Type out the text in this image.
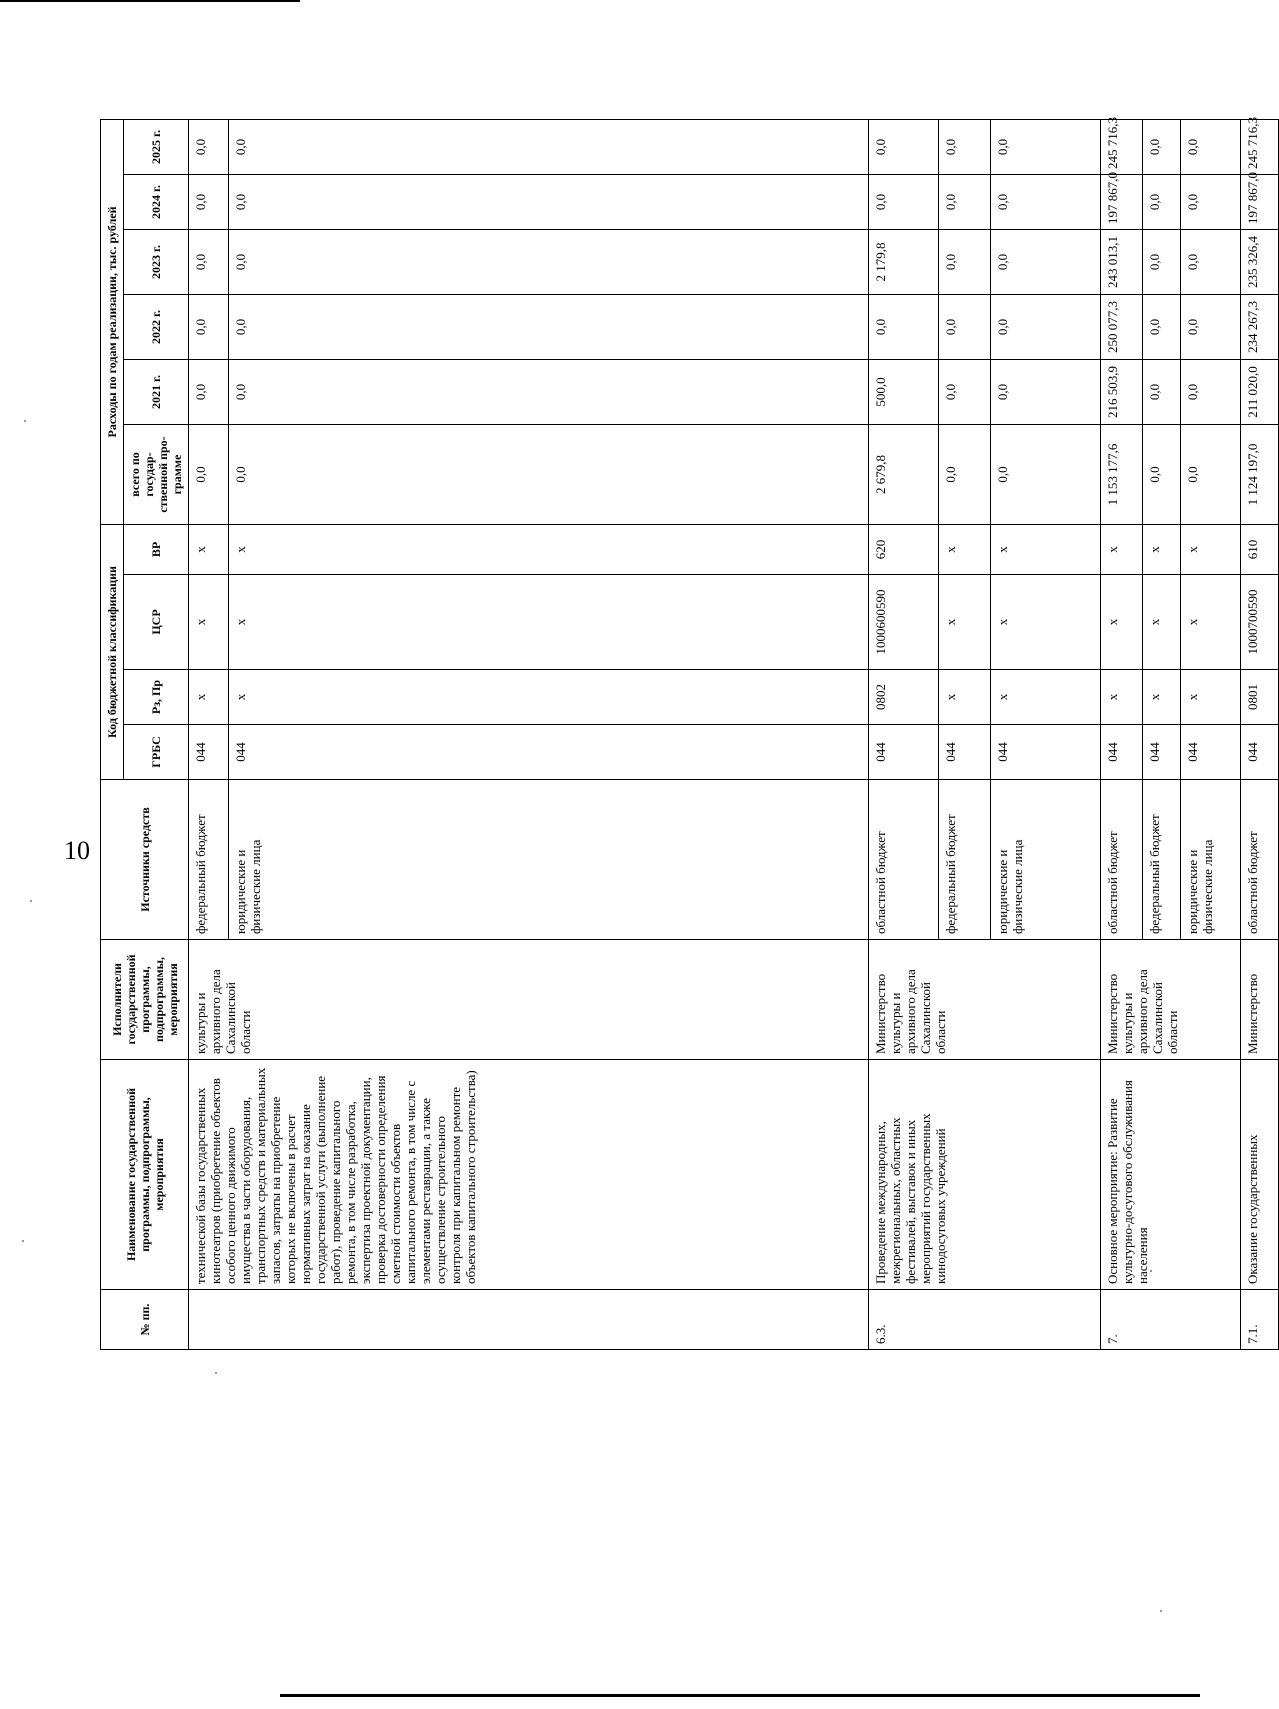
10
№ пп.	Наименование государственной программы, подпрограммы, мероприятия	Исполнители государственной программы, подпрограммы, мероприятия	Источники средств	Код бюджетной классификации				Расходы по годам реализации, тыс. рублей					
				ГРБС	Рз, Пр	ЦСР	ВР	всего по государ- ственной про- грамме	2021 г.	2022 г.	2023 г.	2024 г.	2025 г.
	технической базы государственных кинотеатров (приобретение объектов особого ценного движимого имущества в части оборудования, транспортных средств и материальных запасов, затраты на приобретение которых не включены в расчет нормативных затрат на оказание государственной услуги (выполнение работ), проведение капитального ремонта, в том числе разработка, экспертиза проектной документации, проверка достоверности определения сметной стоимости объектов капитального ремонта, в том числе с элементами реставрации, а также осуществление строительного контроля при капитальном ремонте объектов капитального строительства)	культуры и архивного дела Сахалинской области	федеральный бюджет	044	х	х	х	0,0	0,0	0,0	0,0	0,0	0,0
			юридические и физические лица	044	х	х	х	0,0	0,0	0,0	0,0	0,0	0,0
6.3.	Проведение международных, межрегиональных, областных фестивалей, выставок и иных мероприятий государственных кинодосуговых учреждений	Министерство культуры и архивного дела Сахалинской области	областной бюджет	044	0802	1000600590	620	2 679,8	500,0	0,0	2 179,8	0,0	0,0
			федеральный бюджет	044	х	х	х	0,0	0,0	0,0	0,0	0,0	0,0
			юридические и физические лица	044	х	х	х	0,0	0,0	0,0	0,0	0,0	0,0
7.	Основное мероприятие: Развитие культурно-досугового обслуживания населения	Министерство культуры и архивного дела Сахалинской области	областной бюджет	044	х	х	х	1 153 177,6	216 503,9	250 077,3	243 013,1	197 867,0	245 716,3
			федеральный бюджет	044	х	х	х	0,0	0,0	0,0	0,0	0,0	0,0
			юридические и физические лица	044	х	х	х	0,0	0,0	0,0	0,0	0,0	0,0
7.1.	Оказание государственных	Министерство	областной бюджет	044	0801	1000700590	610	1 124 197,0	211 020,0	234 267,3	235 326,4	197 867,0	245 716,3
